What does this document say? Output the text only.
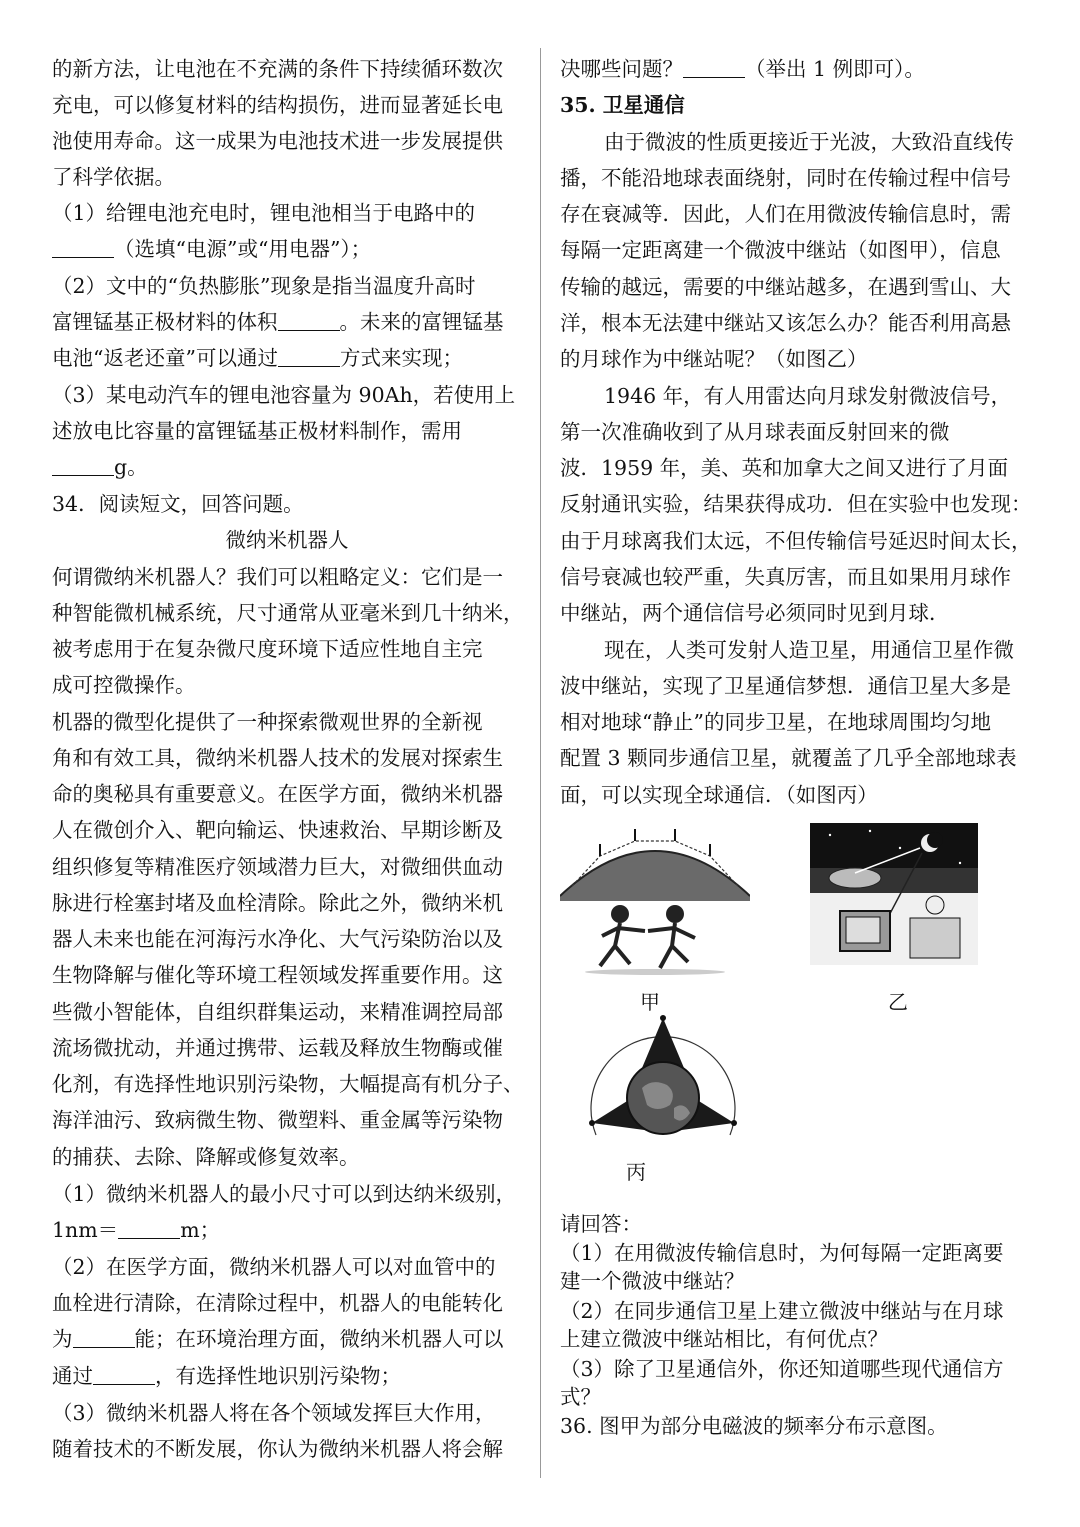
的新方法，让电池在不充满的条件下持续循环数次
充电，可以修复材料的结构损伤，进而显著延长电
池使用寿命。这一成果为电池技术进一步发展提供
了科学依据。
（1）给锂电池充电时，锂电池相当于电路中的
（选填“电源”或“用电器”）；
（2）文中的“负热膨胀”现象是指当温度升高时
富锂锰基正极材料的体积	。未来的富锂锰基
电池“返老还童”可以通过	方式来实现；
（3）某电动汽车的锂电池容量为 90Ah，若使用上
述放电比容量的富锂锰基正极材料制作，需用
g。
34．阅读短文，回答问题。
微纳米机器人
何谓微纳米机器人？我们可以粗略定义：它们是一
种智能微机械系统，尺寸通常从亚毫米到几十纳米，
被考虑用于在复杂微尺度环境下适应性地自主完
成可控微操作。
机器的微型化提供了一种探索微观世界的全新视
角和有效工具，微纳米机器人技术的发展对探索生
命的奥秘具有重要意义。在医学方面，微纳米机器
人在微创介入、靶向输运、快速救治、早期诊断及
组织修复等精准医疗领域潜力巨大，对微细供血动
脉进行栓塞封堵及血栓清除。除此之外，微纳米机
器人未来也能在河海污水净化、大气污染防治以及
生物降解与催化等环境工程领域发挥重要作用。这
些微小智能体，自组织群集运动，来精准调控局部
流场微扰动，并通过携带、运载及释放生物酶或催
化剂，有选择性地识别污染物，大幅提高有机分子、
海洋油污、致病微生物、微塑料、重金属等污染物
的捕获、去除、降解或修复效率。
（1）微纳米机器人的最小尺寸可以到达纳米级别，
1nm＝	m；
（2）在医学方面，微纳米机器人可以对血管中的
血栓进行清除，在清除过程中，机器人的电能转化
为	能；在环境治理方面，微纳米机器人可以
通过	，有选择性地识别污染物；
（3）微纳米机器人将在各个领域发挥巨大作用，
随着技术的不断发展，你认为微纳米机器人将会解
决哪些问题？	（举出 1 例即可）。
35. 卫星通信
由于微波的性质更接近于光波，大致沿直线传
播，不能沿地球表面绕射，同时在传输过程中信号
存在衰减等．因此，人们在用微波传输信息时，需
每隔一定距离建一个微波中继站（如图甲），信息
传输的越远，需要的中继站越多，在遇到雪山、大
洋，根本无法建中继站又该怎么办？能否利用高悬
的月球作为中继站呢？（如图乙）
1946 年，有人用雷达向月球发射微波信号，
第一次准确收到了从月球表面反射回来的微
波．1959 年，美、英和加拿大之间又进行了月面
反射通讯实验，结果获得成功．但在实验中也发现：
由于月球离我们太远，不但传输信号延迟时间太长，
信号衰减也较严重，失真厉害，而且如果用月球作
中继站，两个通信信号必须同时见到月球．
现在，人类可发射人造卫星，用通信卫星作微
波中继站，实现了卫星通信梦想．通信卫星大多是
相对地球“静止”的同步卫星，在地球周围均匀地
配置 3 颗同步通信卫星，就覆盖了几乎全部地球表
面，可以实现全球通信．（如图丙）
甲	乙
丙
请回答：
（1）在用微波传输信息时，为何每隔一定距离要
建一个微波中继站？
（2）在同步通信卫星上建立微波中继站与在月球
上建立微波中继站相比，有何优点？
（3）除了卫星通信外，你还知道哪些现代通信方
式？
36. 图甲为部分电磁波的频率分布示意图。
